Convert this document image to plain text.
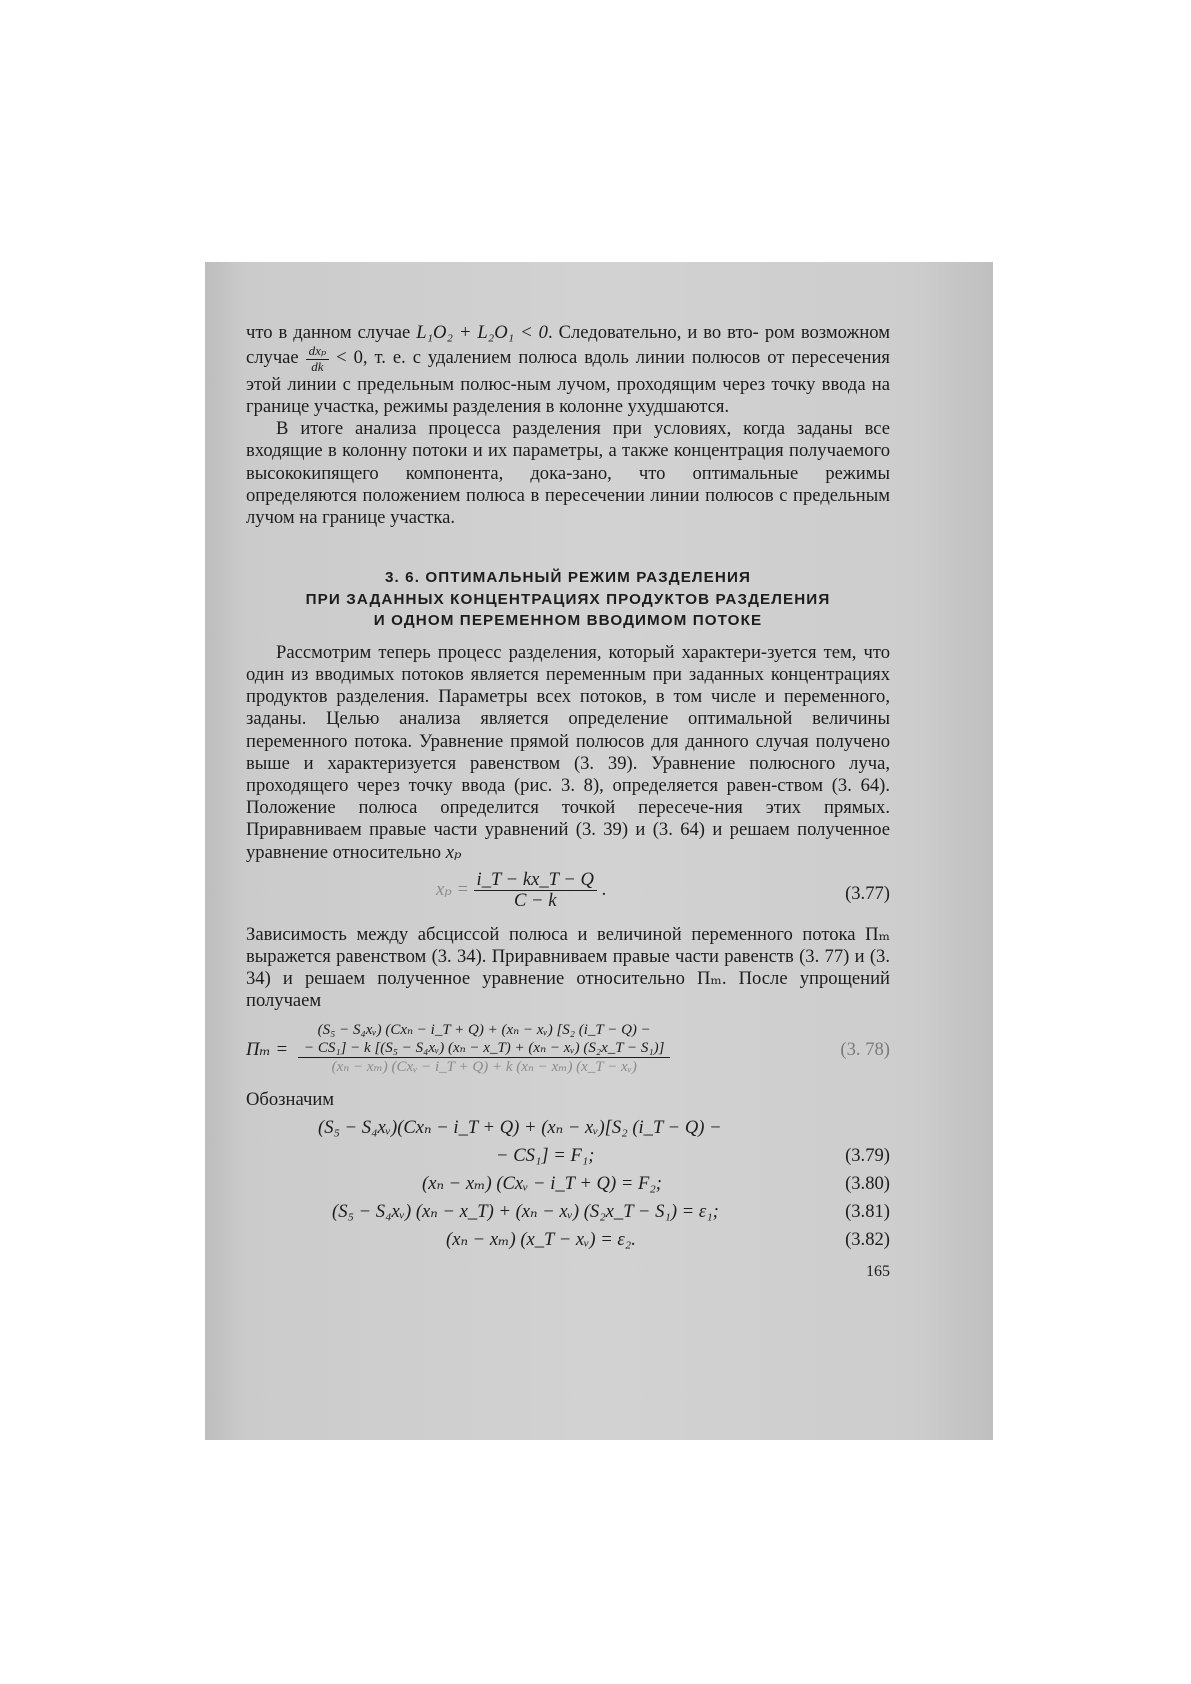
что в данном случае L₁O₂ + L₂O₁ < 0. Следовательно, и во вто- ром возможном случае $\frac{\text{dxₚ}}{dk} < 0$, т. е. с удалением полюса вдоль линии полюсов от пересечения этой линии с предельным полюс-ным лучом, проходящим через точку ввода на границе участка, режимы разделения в колонне ухудшаются.

В итоге анализа процесса разделения при условиях, когда заданы все входящие в колонну потоки и их параметры, а также концентрация получаемого высококипящего компонента, дока-зано, что оптимальные режимы определяются положением полюса в пересечении линии полюсов с предельным лучом на границе участка.

3. 6. ОПТИМАЛЬНЫЙ РЕЖИМ РАЗДЕЛЕНИЯ
ПРИ ЗАДАННЫХ КОНЦЕНТРАЦИЯХ ПРОДУКТОВ РАЗДЕЛЕНИЯ
И ОДНОМ ПЕРЕМЕННОМ ВВОДИМОМ ПОТОКЕ

Рассмотрим теперь процесс разделения, который характери-зуется тем, что один из вводимых потоков является переменным при заданных концентрациях продуктов разделения. Параметры всех потоков, в том числе и переменного, заданы. Целью анализа является определение оптимальной величины переменного потока. Уравнение прямой полюсов для данного случая получено выше и характеризуется равенством (3. 39). Уравнение полюсного луча, проходящего через точку ввода (рис. 3. 8), определяется равен-ством (3. 64). Положение полюса определится точкой пересече-ния этих прямых. Приравниваем правые части уравнений (3. 39) и (3. 64) и решаем полученное уравнение относительно xₚ

$x_p = \frac{i\_T - kx\_T - Q}{C - k}$ .	(3.77)

Зависимость между абсциссой полюса и величиной переменного потока Πₘ выражется равенством (3. 34). Приравниваем правые части равенств (3. 77) и (3. 34) и решаем полученное уравнение относительно Πₘ. После упрощений получаем

Πₘ =
(S₅ − S₄xᵥ) (Cxₙ − i_T + Q) + (xₙ − xᵥ) [S₂ (i_T − Q) −
− CS₁] − k [(S₅ − S₄xᵥ) (xₙ − x_T) + (xₙ − xᵥ) (S₂x_T − S₁)]
(xₙ − xₘ) (Cxᵥ − i_T + Q) + k (xₙ − xₘ) (x_T − xᵥ)
(3. 78)

Обозначим

(S₅ − S₄xᵥ)(Cxₙ − i_T + Q) + (xₙ − xᵥ)[S₂ (i_T − Q) −
− CS₁] = F₁;	(3.79)
(xₙ − xₘ) (Cxᵥ − i_T + Q) = F₂;	(3.80)
(S₅ − S₄xᵥ) (xₙ − x_T) + (xₙ − xᵥ) (S₂x_T − S₁) = ε₁;	(3.81)
(xₙ − xₘ) (x_T − xᵥ) = ε₂.	(3.82)
165
